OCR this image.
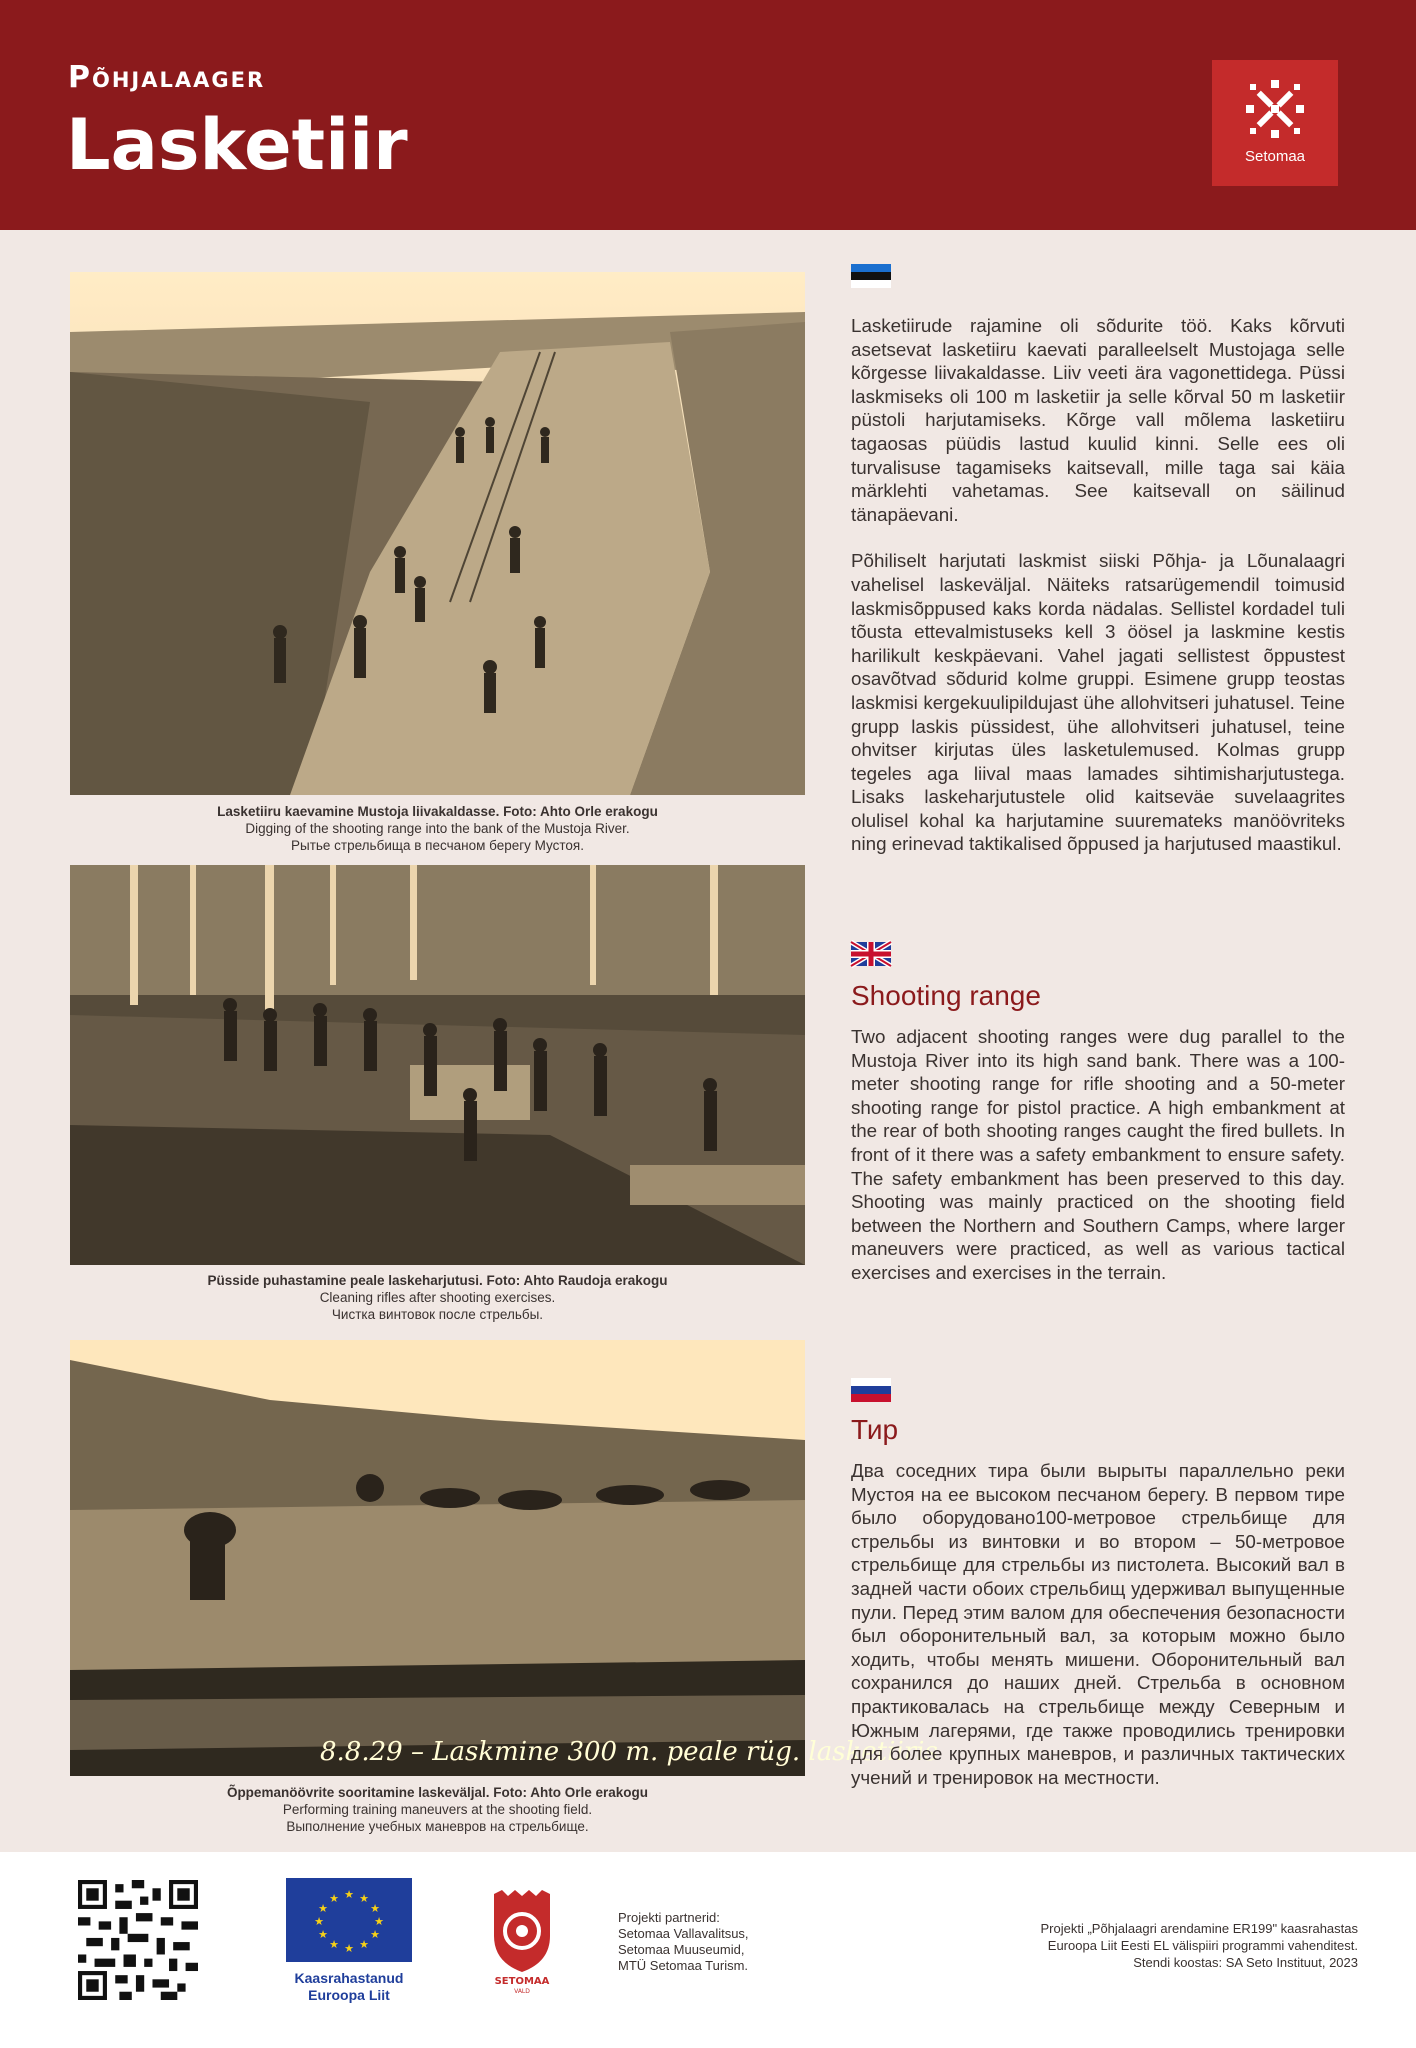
Põhjalaager
Lasketiir	Setomaa
Lasketiiru kaevamine Mustoja liivakaldasse. Foto: Ahto Orle erakogu
Digging of the shooting range into the bank of the Mustoja River.
Рытье стрельбища в песчаном берегу Мустоя.
Püsside puhastamine peale laskeharjutusi. Foto: Ahto Raudoja erakogu
Cleaning rifles after shooting exercises.
Чистка винтовок после стрельбы.
8.8.29 – Laskmine 300 m. peale rüg. lasketiiris
Õppemanöövrite sooritamine laskeväljal. Foto: Ahto Orle erakogu
Performing training maneuvers at the shooting field.
Выполнение учебных маневров на стрельбище.

Lasketiirude rajamine oli sõdurite töö. Kaks kõrvuti asetsevat lasketiiru kaevati paralleelselt Mustojaga selle kõrgesse liivakaldasse. Liiv veeti ära vagonettidega. Püssi laskmiseks oli 100 m lasketiir ja selle kõrval 50 m lasketiir püstoli harjutamiseks. Kõrge vall mõlema lasketiiru tagaosas püüdis lastud kuulid kinni. Selle ees oli turvalisuse tagamiseks kaitsevall, mille taga sai käia märklehti vahetamas. See kaitsevall on säilinud tänapäevani.

Põhiliselt harjutati laskmist siiski Põhja- ja Lõunalaagri vahelisel laskeväljal. Näiteks ratsarügemendil toimusid laskmisõppused kaks korda nädalas. Sellistel kordadel tuli tõusta ettevalmistuseks kell 3 öösel ja laskmine kestis harilikult keskpäevani. Vahel jagati sellistest õppustest osavõtvad sõdurid kolme gruppi. Esimene grupp teostas laskmisi kergekuulipildujast ühe allohvitseri juhatusel. Teine grupp laskis püssidest, ühe allohvitseri juhatusel, teine ohvitser kirjutas üles lasketulemused. Kolmas grupp tegeles aga liival maas lamades sihtimisharjutustega. Lisaks laskeharjutustele olid kaitseväe suvelaagrites olulisel kohal ka harjutamine suuremateks manöövriteks ning erinevad taktikalised õppused ja harjutused maastikul.

Shooting range

Two adjacent shooting ranges were dug parallel to the Mustoja River into its high sand bank. There was a 100-meter shooting range for rifle shooting and a 50-meter shooting range for pistol practice. A high embankment at the rear of both shooting ranges caught the fired bullets. In front of it there was a safety embankment to ensure safety. The safety embankment has been preserved to this day. Shooting was mainly practiced on the shooting field between the Northern and Southern Camps, where larger maneuvers were practiced, as well as various tactical exercises and exercises in the terrain.

Тир

Два соседних тира были вырыты параллельно реки Мустоя на ее высоком песчаном берегу. В первом тире было оборудовано100-метровое стрельбище для стрельбы из винтовки и во втором – 50-метровое стрельбище для стрельбы из пистолета. Высокий вал в задней части обоих стрельбищ удерживал выпущенные пули. Перед этим валом для обеспечения безопасности был оборонительный вал, за которым можно было ходить, чтобы менять мишени. Оборонительный вал сохранился до наших дней. Стрельба в основном практиковалась на стрельбище между Северным и Южным лагерями, где также проводились тренировки для более крупных маневров, и различных тактических учений и тренировок на местности.

★ ★
★
★
★
★
★
★
★
★
★
★
Kaasrahastanud
Euroopa Liit
SETOMAA
VALD
Projekti partnerid:
Setomaa Vallavalitsus,
Setomaa Muuseumid,
MTÜ Setomaa Turism.
Projekti „Põhjalaagri arendamine ER199" kaasrahastas
Euroopa Liit Eesti EL välispiiri programmi vahenditest.
Stendi koostas: SA Seto Instituut, 2023
